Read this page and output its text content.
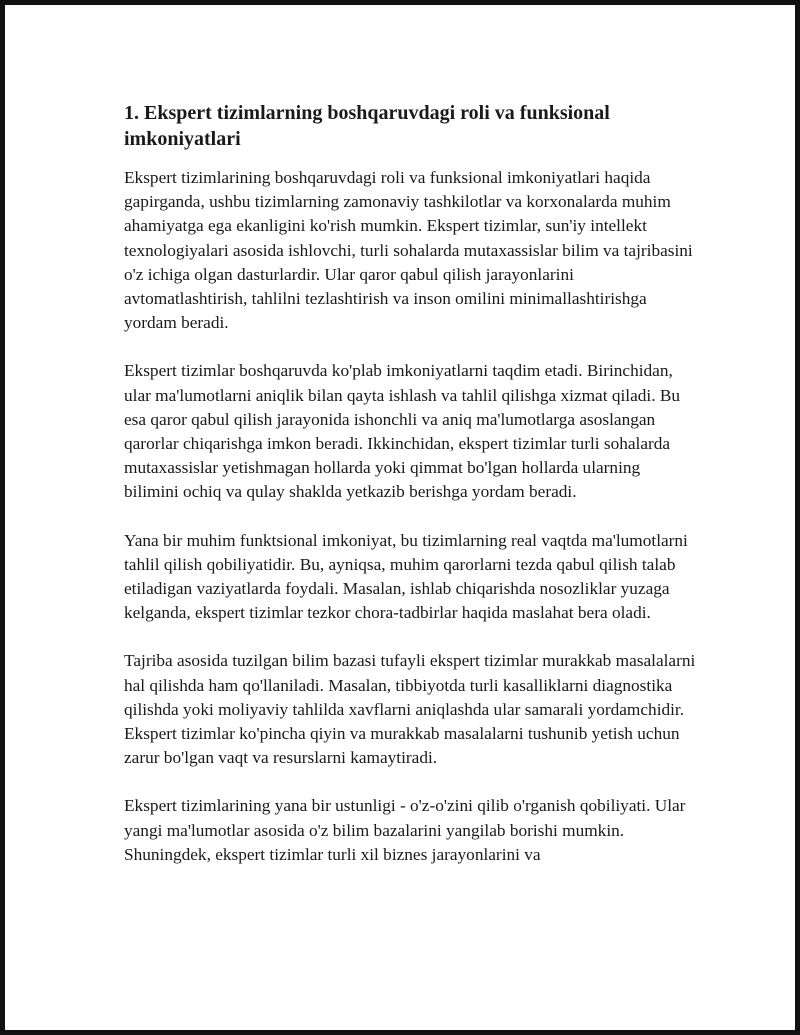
1. Ekspert tizimlarning boshqaruvdagi roli va funksional imkoniyatlari

Ekspert tizimlarining boshqaruvdagi roli va funksional imkoniyatlari haqida gapirganda, ushbu tizimlarning zamonaviy tashkilotlar va korxonalarda muhim ahamiyatga ega ekanligini ko'rish mumkin. Ekspert tizimlar, sun'iy intellekt texnologiyalari asosida ishlovchi, turli sohalarda mutaxassislar bilim va tajribasini o'z ichiga olgan dasturlardir. Ular qaror qabul qilish jarayonlarini avtomatlashtirish, tahlilni tezlashtirish va inson omilini minimallashtirishga yordam beradi.

Ekspert tizimlar boshqaruvda ko'plab imkoniyatlarni taqdim etadi. Birinchidan, ular ma'lumotlarni aniqlik bilan qayta ishlash va tahlil qilishga xizmat qiladi. Bu esa qaror qabul qilish jarayonida ishonchli va aniq ma'lumotlarga asoslangan qarorlar chiqarishga imkon beradi. Ikkinchidan, ekspert tizimlar turli sohalarda mutaxassislar yetishmagan hollarda yoki qimmat bo'lgan hollarda ularning bilimini ochiq va qulay shaklda yetkazib berishga yordam beradi.

Yana bir muhim funktsional imkoniyat, bu tizimlarning real vaqtda ma'lumotlarni tahlil qilish qobiliyatidir. Bu, ayniqsa, muhim qarorlarni tezda qabul qilish talab etiladigan vaziyatlarda foydali. Masalan, ishlab chiqarishda nosozliklar yuzaga kelganda, ekspert tizimlar tezkor chora-tadbirlar haqida maslahat bera oladi.

Tajriba asosida tuzilgan bilim bazasi tufayli ekspert tizimlar murakkab masalalarni hal qilishda ham qo'llaniladi. Masalan, tibbiyotda turli kasalliklarni diagnostika qilishda yoki moliyaviy tahlilda xavflarni aniqlashda ular samarali yordamchidir. Ekspert tizimlar ko'pincha qiyin va murakkab masalalarni tushunib yetish uchun zarur bo'lgan vaqt va resurslarni kamaytiradi.

Ekspert tizimlarining yana bir ustunligi - o'z-o'zini qilib o'rganish qobiliyati. Ular yangi ma'lumotlar asosida o'z bilim bazalarini yangilab borishi mumkin. Shuningdek, ekspert tizimlar turli xil biznes jarayonlarini va
